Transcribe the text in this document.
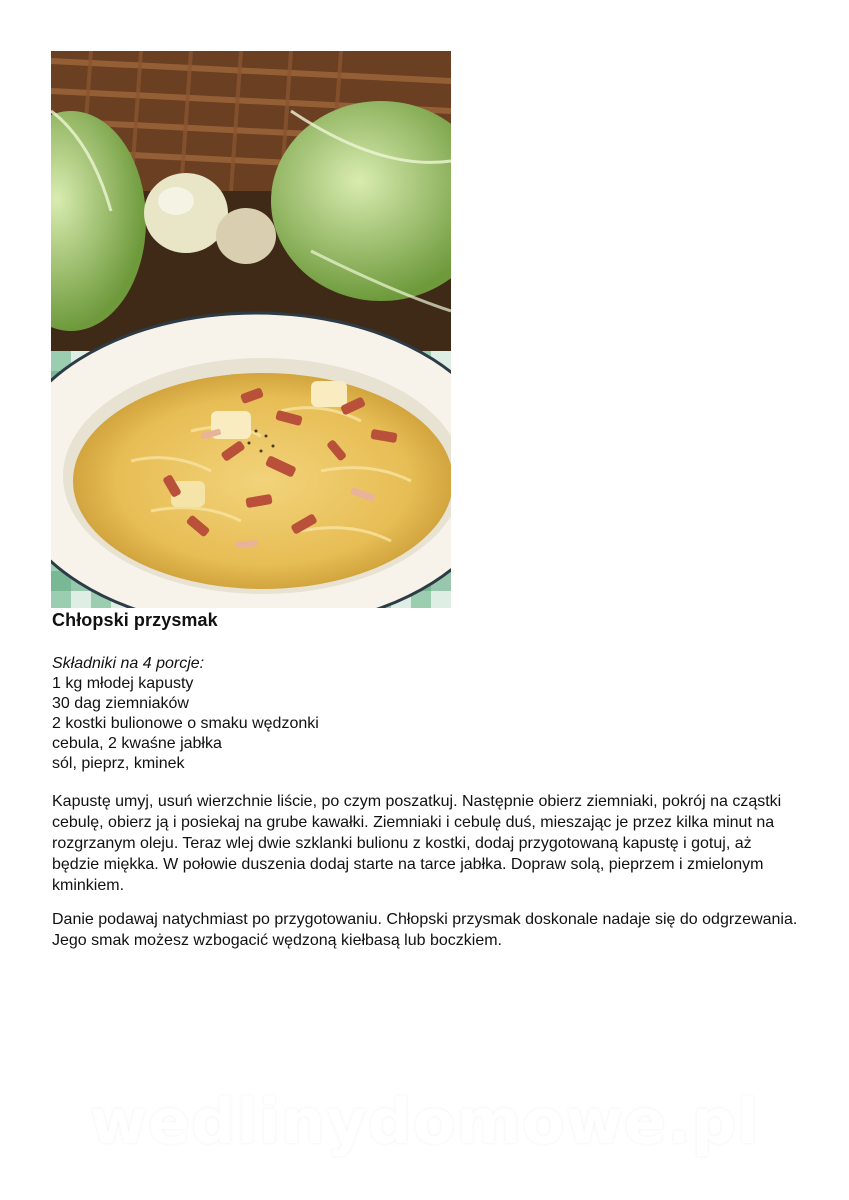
Chłopski przysmak
Składniki na 4 porcje:
1 kg młodej kapusty
30 dag ziemniaków
2 kostki bulionowe o smaku wędzonki
cebula, 2 kwaśne jabłka
sól, pieprz, kminek

Kapustę umyj, usuń wierzchnie liście, po czym poszatkuj. Następnie obierz ziemniaki, pokrój na cząstki cebulę, obierz ją i posiekaj na grube kawałki. Ziemniaki i cebulę duś, mieszając je przez kilka minut na rozgrzanym oleju. Teraz wlej dwie szklanki bulionu z kostki, dodaj przygotowaną kapustę i gotuj, aż będzie miękka. W połowie duszenia dodaj starte na tarce jabłka. Dopraw solą, pieprzem i zmielonym kminkiem.

Danie podawaj natychmiast po przygotowaniu. Chłopski przysmak doskonale nadaje się do odgrzewania. Jego smak możesz wzbogacić wędzoną kiełbasą lub boczkiem.

wedlinydomowe.pl
